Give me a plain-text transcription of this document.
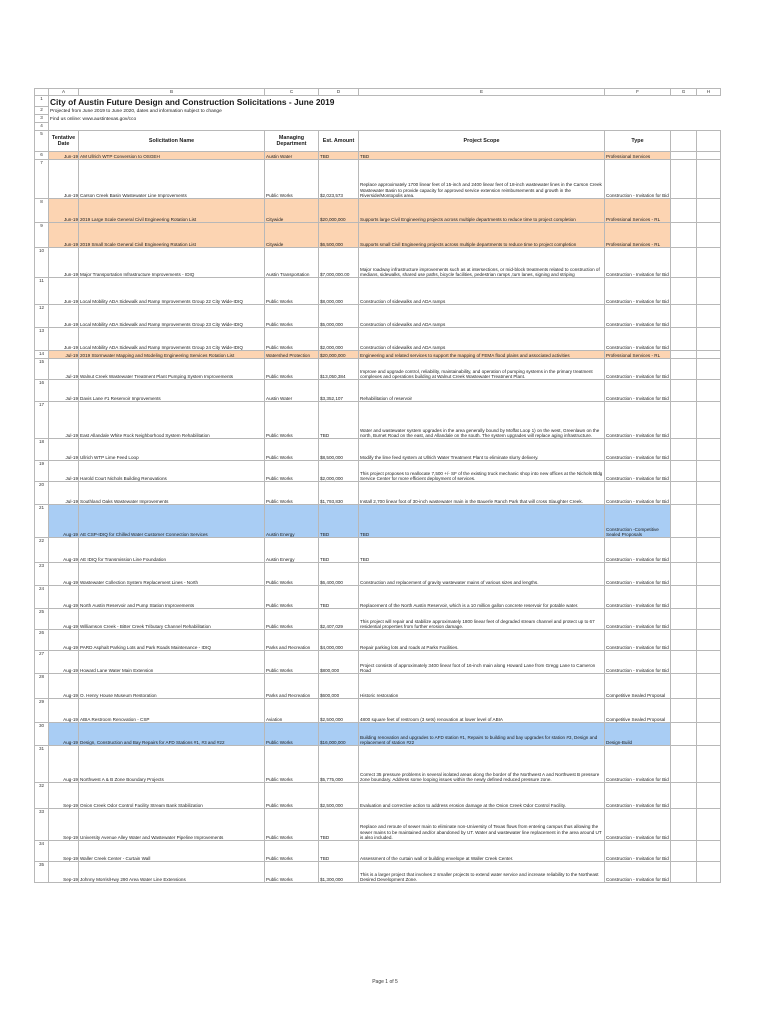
	A	B	C	D	E	F	G	H
1	City of Austin Future Design and Construction Solicitations - June 2019							
2	Projected from June 2019 to June 2020, dates and information subject to change							
3	Find us online: www.austintexas.gov/cco							
4								
5	Tentative Date	Solicitation Name	Managing Department	Est. Amount	Project Scope	Type		
6	Jun-19	AM Ullrich WTP Conversion to OSGEH	Austin Water	TBD	TBD	Professional Services		
7	Jun-19	Carson Creek Basin Wastewater Line Improvements	Public Works	$2,023,573	Replace approximately 1700 linear feet of 15-inch and 2400 linear feet of 18-inch wastewater lines in the Carson Creek Wastewater Basin to provide capacity for approved service extension reimbursements and growth in the Riverside/Montopolis area.	Construction - Invitation for Bid		
8	Jun-19	2019 Large Scale General Civil Engineering Rotation List	Citywide	$20,000,000	Supports large Civil Engineering projects across multiple departments to reduce time to project completion	Professional Services - RL		
9	Jun-19	2019 Small Scale General Civil Engineering Rotation List	Citywide	$6,500,000	Supports small Civil Engineering projects across multiple departments to reduce time to project completion	Professional Services - RL		
10	Jun-19	Major Transportation Infrastructure Improvements - IDIQ	Austin Transportation	$7,000,000.00	Major roadway infrastructure improvements such as at intersections, or mid-block treatments related to construction of medians, sidewalks, shared use paths, bicycle facilities, pedestrian ramps ,turn lanes, signing and striping	Construction - Invitation for Bid		
11	Jun-19	Local Mobility ADA Sidewalk and Ramp Improvements Group 22 City Wide-IDIQ	Public Works	$8,000,000	Construction of sidewalks and ADA ramps	Construction - Invitation for Bid		
12	Jun-19	Local Mobility ADA Sidewalk and Ramp Improvements Group 23 City Wide-IDIQ	Public Works	$5,000,000	Construction of sidewalks and ADA ramps	Construction - Invitation for Bid		
13	Jun-19	Local Mobility ADA Sidewalk and Ramp Improvements Group 24 City Wide-IDIQ	Public Works	$2,000,000	Construction of sidewalks and ADA ramps	Construction - Invitation for Bid		
14	Jul-19	2019 Stormwater Mapping and Modeling Engineering Services Rotation List	Watershed Protection	$20,000,000	Engineering and related services to support the mapping of FEMA flood plains and associated activities	Professional Services - RL		
15	Jul-19	Walnut Creek Wastewater Treatment Plant Pumping System Improvements	Public Works	$13,050,384	Improve and upgrade control, reliability, maintainability, and operation of pumping systems in the primary treatment complexes and operations building at Walnut Creek Wastewater Treatment Plant.	Construction - Invitation for Bid		
16	Jul-19	Davis Lane #1 Reservoir Improvements	Austin Water	$3,352,107	Rehabilitation of reservoir	Construction - Invitation for Bid		
17	Jul-19	East Allandale White Rock Neighborhood System Rehabilitation	Public Works	TBD	Water and wastewater system upgrades in the area generally bound by Moffat Loop 1) on the west, Greenlawn on the north, Burnet Road on the east, and Allandale on the south. The system upgrades will replace aging infrastructure.	Construction - Invitation for Bid		
18	Jul-19	Ullrich WTP Lime Feed Loop	Public Works	$8,500,000	Modify the lime feed system at Ullrich Water Treatment Plant to eliminate slurry delivery.	Construction - Invitation for Bid		
19	Jul-19	Harold Court Nichols Building Renovations	Public Works	$2,000,000	This project proposes to reallocate 7,500 +/- SF of the existing truck mechanic shop into new offices at the Nichols Bldg Service Center for more efficient deployment of services.	Construction - Invitation for Bid		
20	Jul-19	Southland Oaks Wastewater Improvements	Public Works	$1,793,830	Install 2,700 linear foot of 30-inch wastewater main in the Bauerle Ranch Park that will cross Slaughter Creek.	Construction - Invitation for Bid		
21	Aug-19	AE CSP-IDIQ for Chilled Water Customer Connection Services	Austin Energy	TBD	TBD	Construction -Competitive Sealed Proposals		
22	Aug-19	AE IDIQ for Transmission Line Foundation	Austin Energy	TBD	TBD	Construction - Invitation for Bid		
23	Aug-19	Wastewater Collection System Replacement Lines - North	Public Works	$6,400,000	Construction and replacement of gravity wastewater mains of various sizes and lengths.	Construction - Invitation for Bid		
24	Aug-19	North Austin Reservoir and Pump Station Improvements	Public Works	TBD	Replacement of the North Austin Reservoir, which is a 10 million gallon concrete reservoir for potable water.	Construction - Invitation for Bid		
25	Aug-19	Williamson Creek - Bitter Creek Tributary Channel Rehabilitation	Public Works	$2,407,029	This project will repair and stabilize approximately 1800 linear feet of degraded stream channel and protect up to 67 residential properties from further erosion damage.	Construction - Invitation for Bid		
26	Aug-19	PARD Asphalt Parking Lots and Park Roads Maintenance - IDIQ	Parks and Recreation	$4,000,000	Repair parking lots and roads at Parks Facilities.	Construction - Invitation for Bid		
27	Aug-19	Howard Lane Water Main Extension	Public Works	$800,000	Project consists of approximately 3400 linear foot of 16-inch main along Howard Lane from Gregg Lane to Cameron Road	Construction - Invitation for Bid		
28	Aug-19	O. Henry House Museum Restoration	Parks and Recreation	$600,000	Historic restoration	Competitive Sealed Proposal		
29	Aug-19	ABIA Restroom Renovation - CSP	Aviation	$2,500,000	4800 square feet of restroom (3 sets) renovation at lower level of ABIA	Competitive Sealed Proposal		
30	Aug-19	Design, Construction and Bay Repairs for AFD Stations #1, #3 and #22	Public Works	$16,000,000	Building renovation and upgrades to AFD station #1, Repairs to building and bay upgrades for station #3, Design and replacement of station #22	Design-Build		
31	Aug-19	Northwest A & B Zone Boundary Projects	Public Works	$5,775,000	Correct 35 pressure problems in several isolated areas along the border of the Northwest A and Northwest B pressure zone boundary. Address some looping issues within the newly defined reduced pressure zone.	Construction - Invitation for Bid		
32	Sep-19	Onion Creek Odor Control Facility Stream Bank Stabilization	Public Works	$2,500,000	Evaluation and corrective action to address erosion damage at the Onion Creek Odor Control Facility.	Construction - Invitation for Bid		
33	Sep-19	University Avenue Alley Water and Wastewater Pipeline Improvements	Public Works	TBD	Replace and reroute of sewer main to eliminate non-University of Texas flows from entering campus thus allowing the sewer mains to be maintained and/or abandoned by UT. Water and wastewater line replacement in the area around UT is also included.	Construction - Invitation for Bid		
34	Sep-19	Waller Creek Center - Curtain Wall	Public Works	TBD	Assessment of the curtain wall or building envelope at Waller Creek Center.	Construction - Invitation for Bid		
35	Sep-19	Johnny Morris/Hwy 290 Area Water Line Extensions	Public Works	$1,300,000	This is a larger project that involves 2 smaller projects to extend water service and increase reliability to the Northeast Desired Development Zone.	Construction - Invitation for Bid		
Page 1 of 5
